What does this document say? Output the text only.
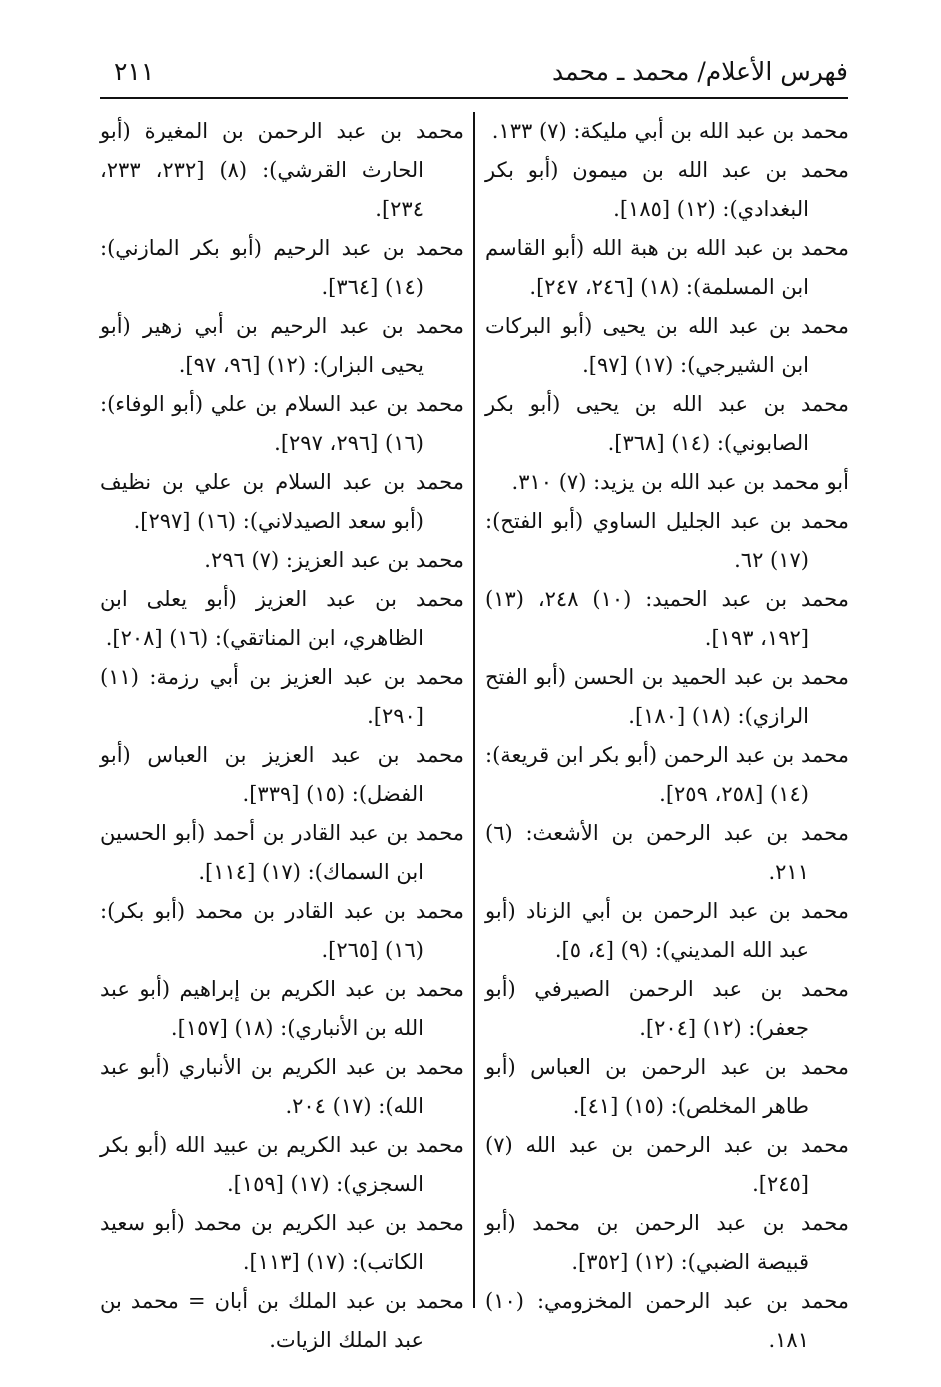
فهرس الأعلام/ محمد ـ محمد
٢١١

محمد بن عبد الله بن أبي مليكة: (٧) ١٣٣.

محمد بن عبد الله بن ميمون (أبو بكر البغدادي): (١٢) [١٨٥].

محمد بن عبد الله بن هبة الله (أبو القاسم ابن المسلمة): (١٨) [٢٤٦، ٢٤٧].

محمد بن عبد الله بن يحيى (أبو البركات ابن الشيرجي): (١٧) [٩٧].

محمد بن عبد الله بن يحيى (أبو بكر الصابوني): (١٤) [٣٦٨].

أبو محمد بن عبد الله بن يزيد: (٧) ٣١٠.

محمد بن عبد الجليل الساوي (أبو الفتح): (١٧) ٦٢.

محمد بن عبد الحميد: (١٠) ٢٤٨، (١٣) [١٩٢، ١٩٣].

محمد بن عبد الحميد بن الحسن (أبو الفتح الرازي): (١٨) [١٨٠].

محمد بن عبد الرحمن (أبو بكر ابن قريعة): (١٤) [٢٥٨، ٢٥٩].

محمد بن عبد الرحمن بن الأشعث: (٦) ٢١١.

محمد بن عبد الرحمن بن أبي الزناد (أبو عبد الله المديني): (٩) [٤، ٥].

محمد بن عبد الرحمن الصيرفي (أبو جعفر): (١٢) [٢٠٤].

محمد بن عبد الرحمن بن العباس (أبو طاهر المخلص): (١٥) [٤١].

محمد بن عبد الرحمن بن عبد الله (٧) [٢٤٥].

محمد بن عبد الرحمن بن محمد (أبو قبيصة الضبي): (١٢) [٣٥٢].

محمد بن عبد الرحمن المخزومي: (١٠) ١٨١.

محمد بن عبد الرحمن بن المغيرة (أبو الحارث القرشي): (٨) [٢٣٢، ٢٣٣، ٢٣٤].

محمد بن عبد الرحيم (أبو بكر المازني): (١٤) [٣٦٤].

محمد بن عبد الرحيم بن أبي زهير (أبو يحيى البزار): (١٢) [٩٦، ٩٧].

محمد بن عبد السلام بن علي (أبو الوفاء): (١٦) [٢٩٦، ٢٩٧].

محمد بن عبد السلام بن علي بن نظيف (أبو سعد الصيدلاني): (١٦) [٢٩٧].

محمد بن عبد العزيز: (٧) ٢٩٦.

محمد بن عبد العزيز (أبو يعلى ابن الظاهري، ابن المناتقي): (١٦) [٢٠٨].

محمد بن عبد العزيز بن أبي رزمة: (١١) [٢٩٠].

محمد بن عبد العزيز بن العباس (أبو الفضل): (١٥) [٣٣٩].

محمد بن عبد القادر بن أحمد (أبو الحسين ابن السماك): (١٧) [١١٤].

محمد بن عبد القادر بن محمد (أبو بكر): (١٦) [٢٦٥].

محمد بن عبد الكريم بن إبراهيم (أبو عبد الله بن الأنباري): (١٨) [١٥٧].

محمد بن عبد الكريم بن الأنباري (أبو عبد الله): (١٧) ٢٠٤.

محمد بن عبد الكريم بن عبيد الله (أبو بكر السجزي): (١٧) [١٥٩].

محمد بن عبد الكريم بن محمد (أبو سعيد الكاتب): (١٧) [١١٣].

محمد بن عبد الملك بن أبان = محمد بن عبد الملك الزيات.
